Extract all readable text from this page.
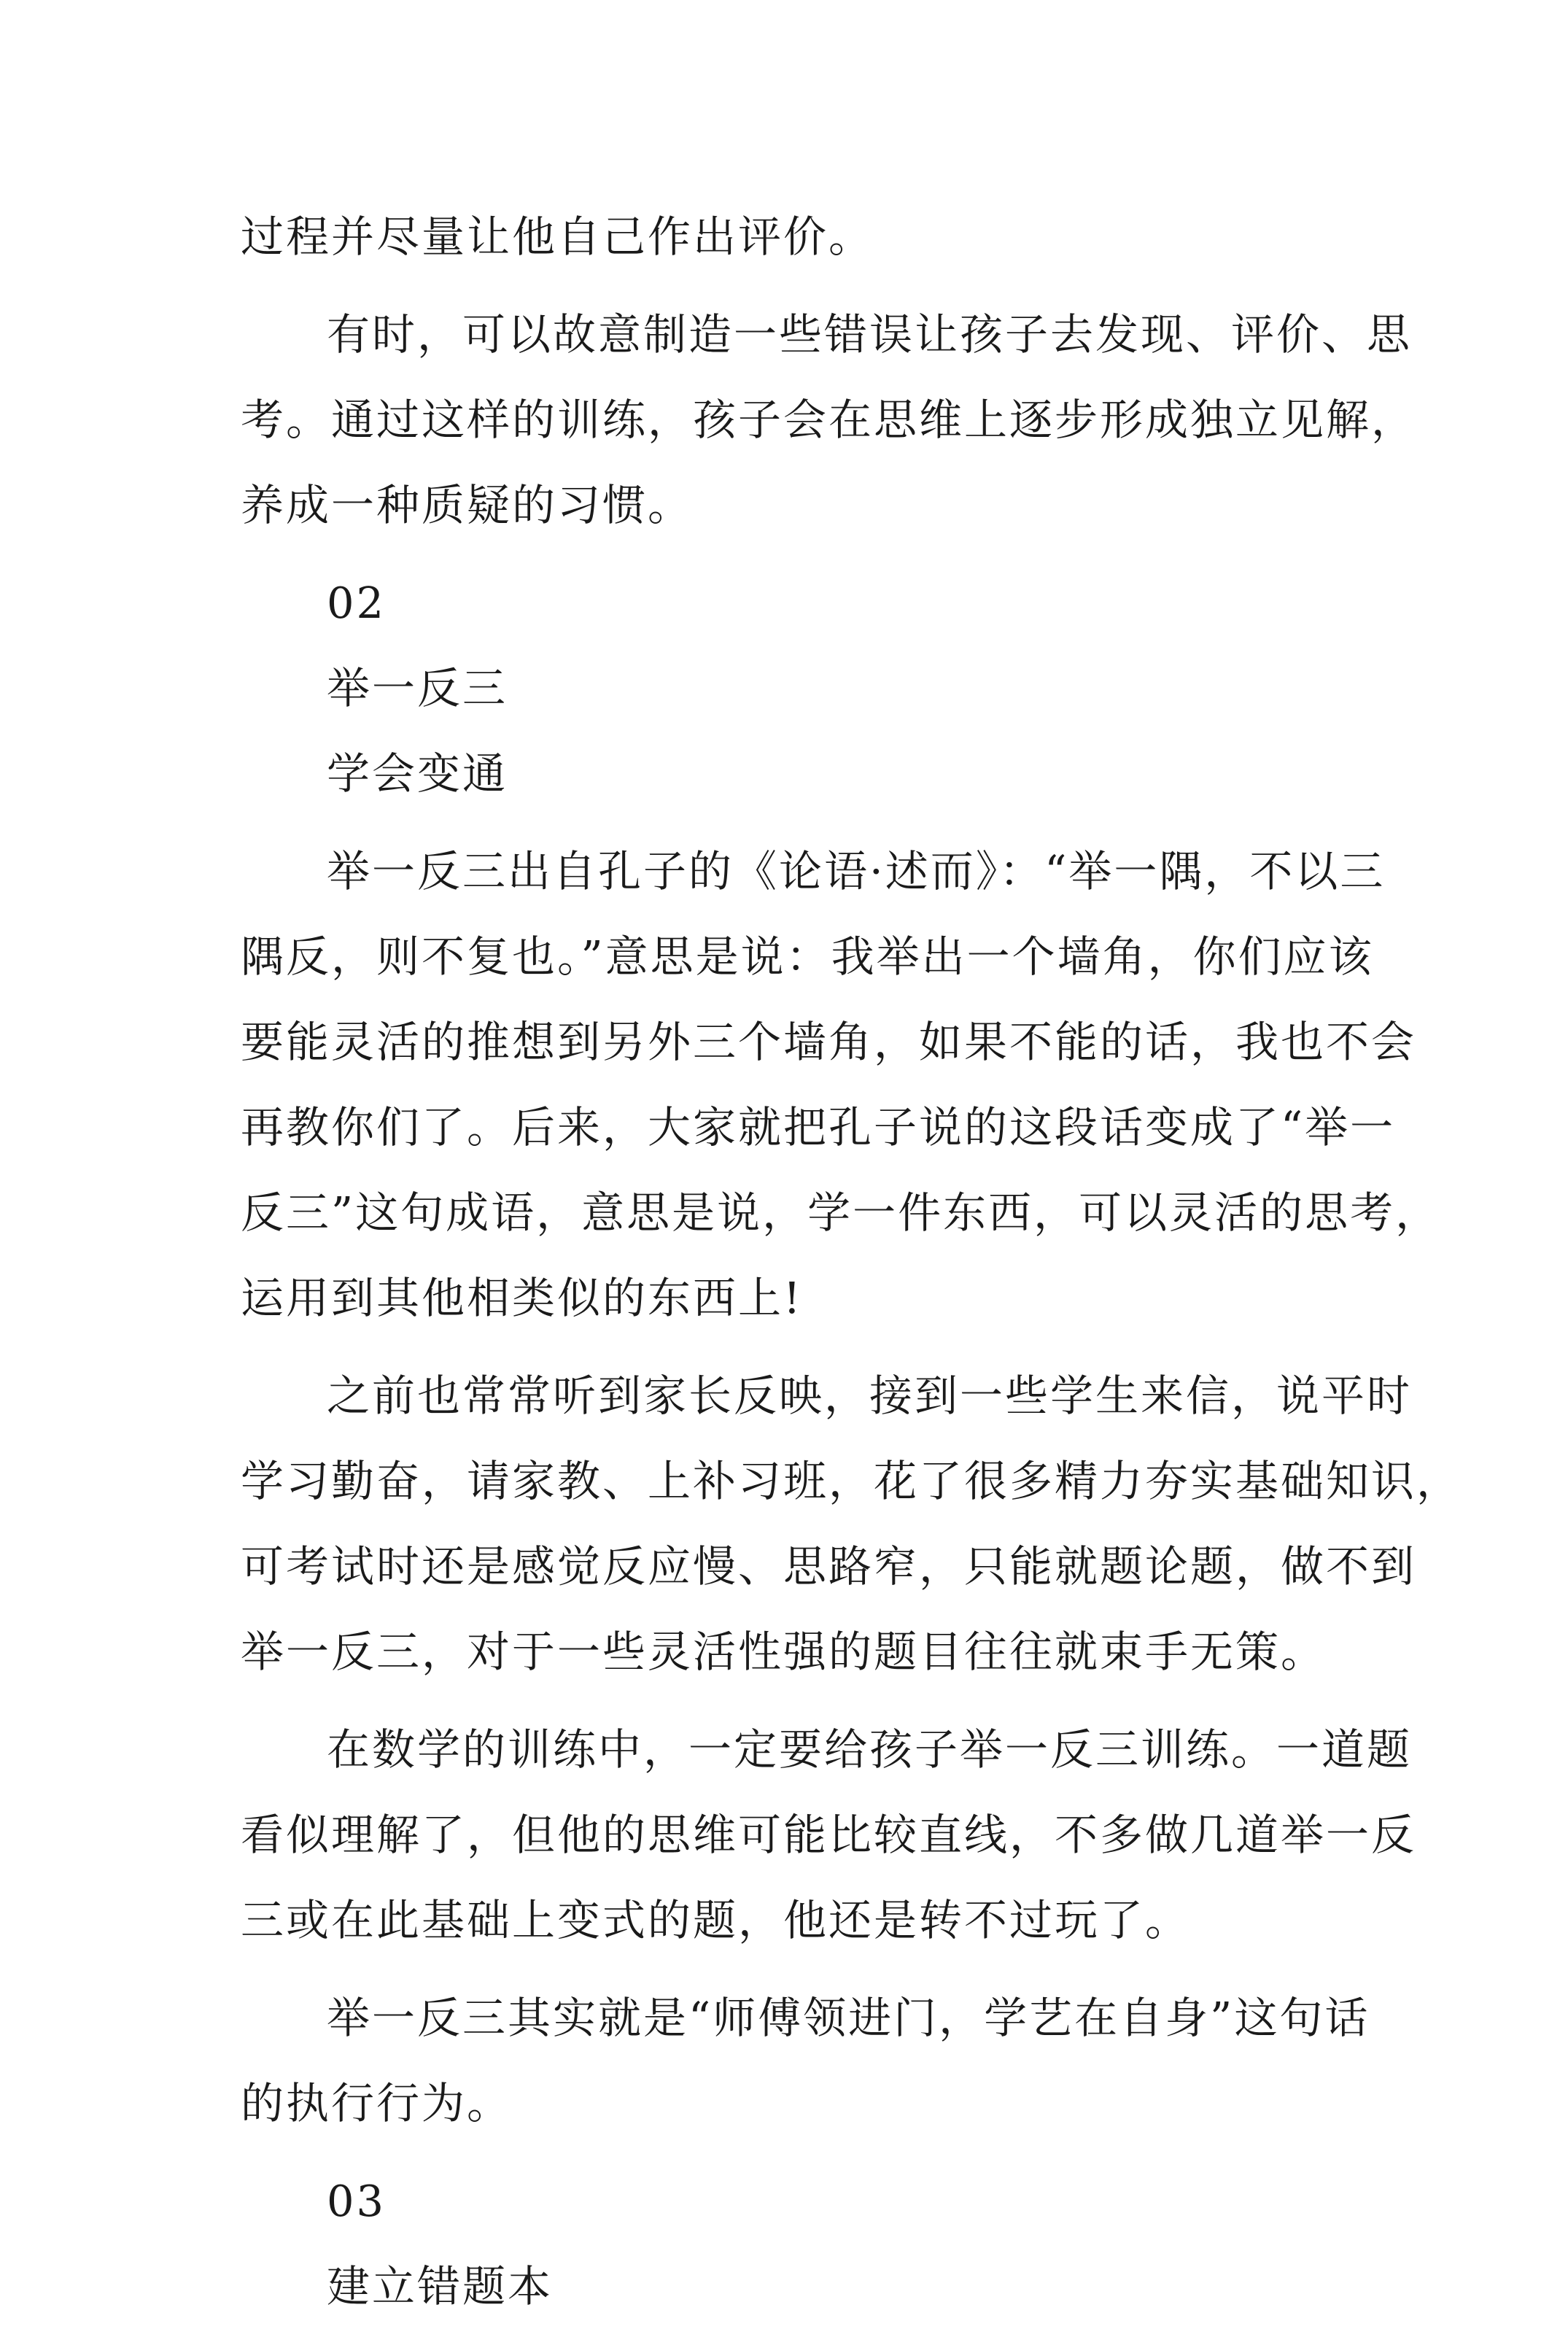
过程并尽量让他自己作出评价。
有时，可以故意制造一些错误让孩子去发现、评价、思
考。通过这样的训练，孩子会在思维上逐步形成独立见解，
养成一种质疑的习惯。
02
举一反三
学会变通
举一反三出自孔子的《论语·述而》：“举一隅，不以三
隅反，则不复也。”意思是说：我举出一个墙角，你们应该
要能灵活的推想到另外三个墙角，如果不能的话，我也不会
再教你们了。后来，大家就把孔子说的这段话变成了“举一
反三”这句成语，意思是说，学一件东西，可以灵活的思考，
运用到其他相类似的东西上!
之前也常常听到家长反映，接到一些学生来信，说平时
学习勤奋，请家教、上补习班，花了很多精力夯实基础知识，
可考试时还是感觉反应慢、思路窄，只能就题论题，做不到
举一反三，对于一些灵活性强的题目往往就束手无策。
在数学的训练中，一定要给孩子举一反三训练。一道题
看似理解了，但他的思维可能比较直线，不多做几道举一反
三或在此基础上变式的题，他还是转不过玩了。
举一反三其实就是“师傅领进门，学艺在自身”这句话
的执行行为。
03
建立错题本
